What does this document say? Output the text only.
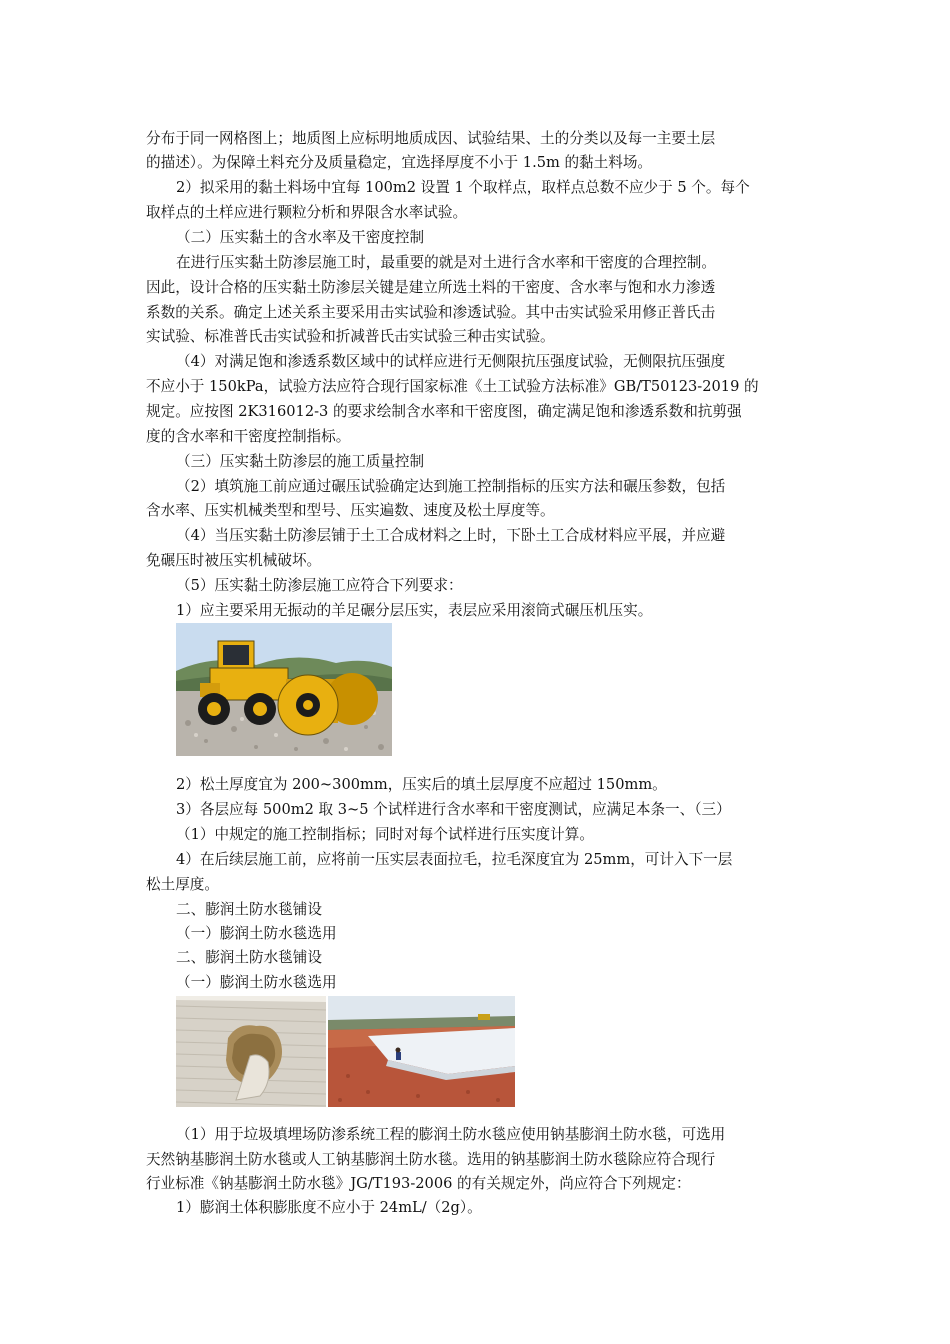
分布于同一网格图上；地质图上应标明地质成因、试验结果、土的分类以及每一主要土层
的描述）。为保障土料充分及质量稳定，宜选择厚度不小于 1.5m 的黏土料场。
2）拟采用的黏土料场中宜每 100m2 设置 1 个取样点，取样点总数不应少于 5 个。每个
取样点的土样应进行颗粒分析和界限含水率试验。
（二）压实黏土的含水率及干密度控制
在进行压实黏土防渗层施工时，最重要的就是对土进行含水率和干密度的合理控制。
因此，设计合格的压实黏土防渗层关键是建立所选土料的干密度、含水率与饱和水力渗透
系数的关系。确定上述关系主要采用击实试验和渗透试验。其中击实试验采用修正普氏击
实试验、标准普氏击实试验和折减普氏击实试验三种击实试验。
（4）对满足饱和渗透系数区域中的试样应进行无侧限抗压强度试验，无侧限抗压强度
不应小于 150kPa，试验方法应符合现行国家标准《土工试验方法标准》GB/T50123-2019 的
规定。应按图 2K316012-3 的要求绘制含水率和干密度图，确定满足饱和渗透系数和抗剪强
度的含水率和干密度控制指标。
（三）压实黏土防渗层的施工质量控制
（2）填筑施工前应通过碾压试验确定达到施工控制指标的压实方法和碾压参数，包括
含水率、压实机械类型和型号、压实遍数、速度及松土厚度等。
（4）当压实黏土防渗层铺于土工合成材料之上时，下卧土工合成材料应平展，并应避
免碾压时被压实机械破坏。
（5）压实黏土防渗层施工应符合下列要求：
1）应主要采用无振动的羊足碾分层压实，表层应采用滚筒式碾压机压实。
2）松土厚度宜为 200~300mm，压实后的填土层厚度不应超过 150mm。
3）各层应每 500m2 取 3~5 个试样进行含水率和干密度测试，应满足本条一、（三）
（1）中规定的施工控制指标；同时对每个试样进行压实度计算。
4）在后续层施工前，应将前一压实层表面拉毛，拉毛深度宜为 25mm，可计入下一层
松土厚度。
二、膨润土防水毯铺设
（一）膨润土防水毯选用
二、膨润土防水毯铺设
（一）膨润土防水毯选用
（1）用于垃圾填埋场防渗系统工程的膨润土防水毯应使用钠基膨润土防水毯，可选用
天然钠基膨润土防水毯或人工钠基膨润土防水毯。选用的钠基膨润土防水毯除应符合现行
行业标准《钠基膨润土防水毯》JG/T193-2006 的有关规定外，尚应符合下列规定：
1）膨润土体积膨胀度不应小于 24mL/（2g）。
